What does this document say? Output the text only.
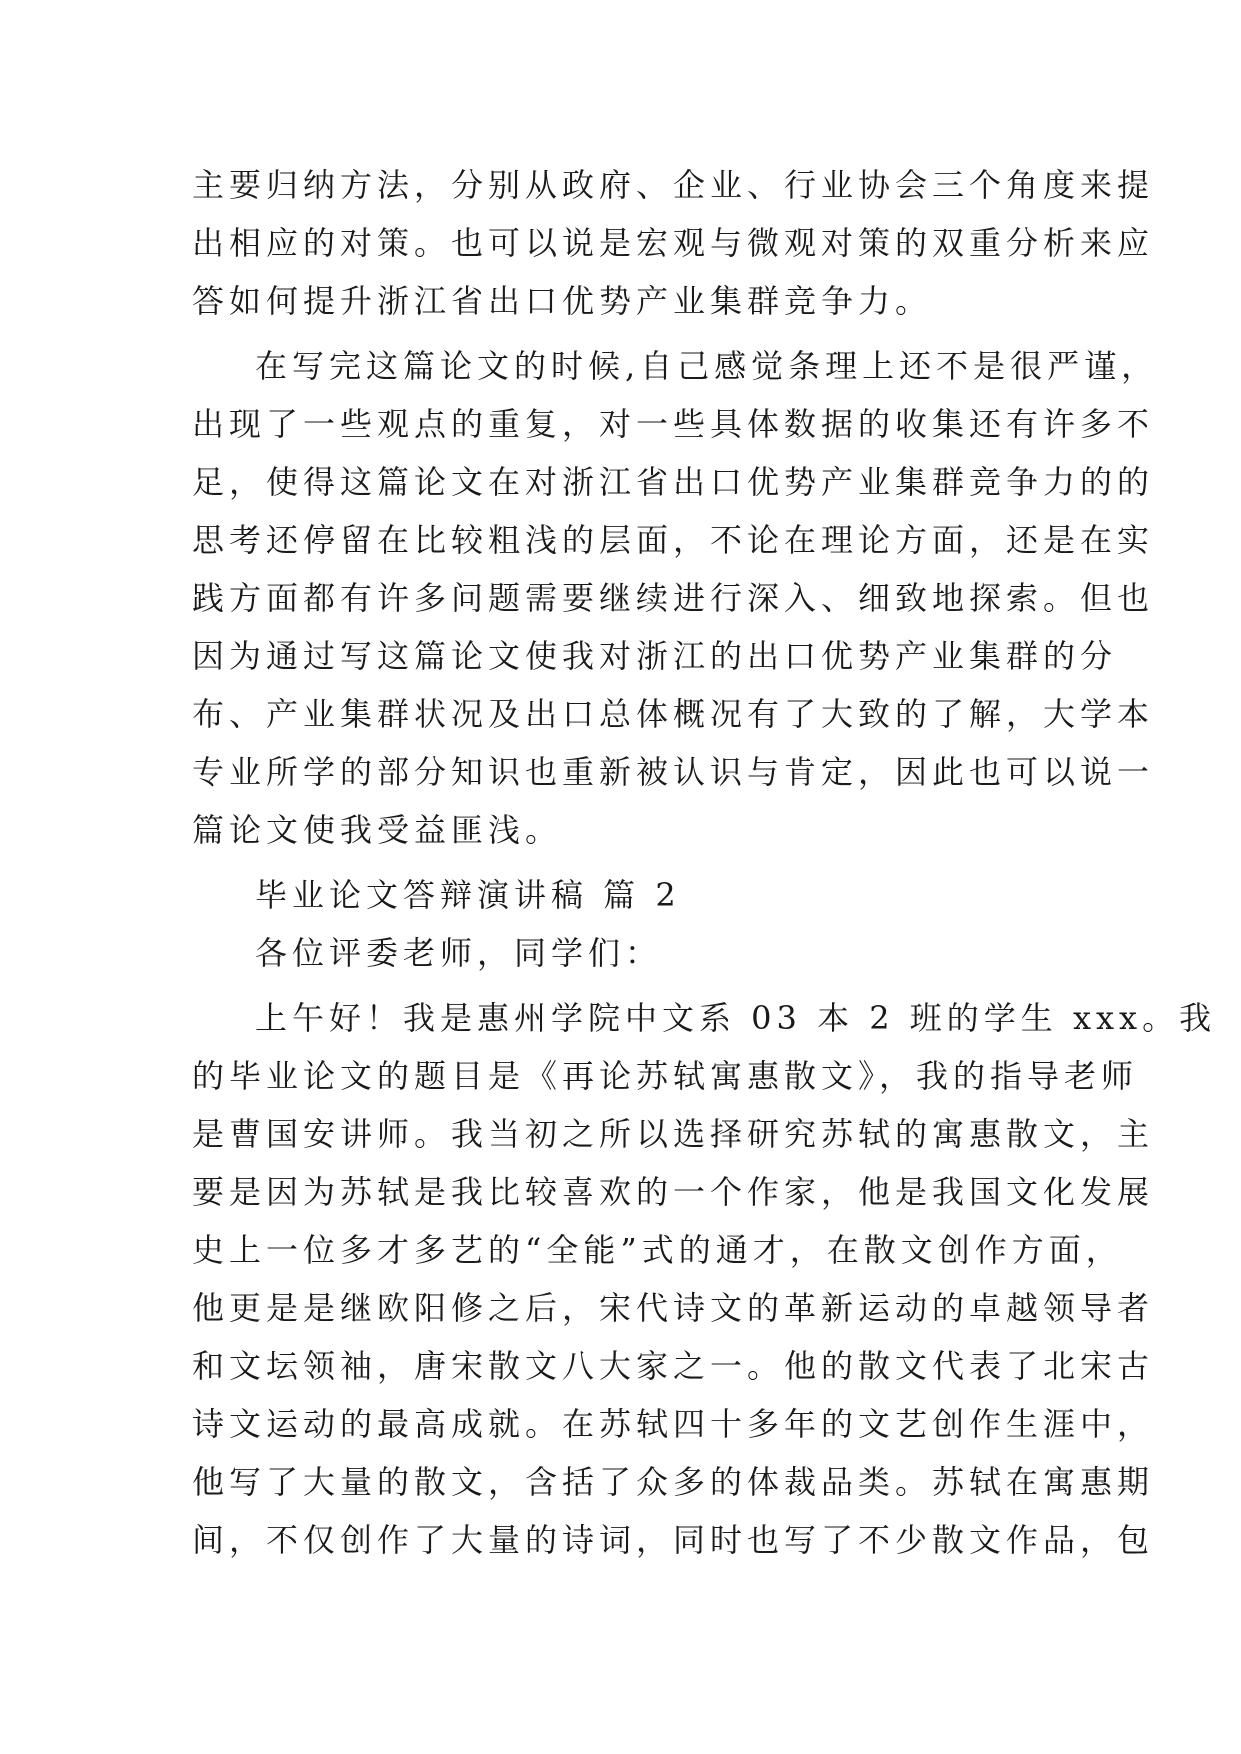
主要归纳方法，分别从政府、企业、行业协会三个角度来提
出相应的对策。也可以说是宏观与微观对策的双重分析来应
答如何提升浙江省出口优势产业集群竞争力。
在写完这篇论文的时候,自己感觉条理上还不是很严谨，
出现了一些观点的重复，对一些具体数据的收集还有许多不
足，使得这篇论文在对浙江省出口优势产业集群竞争力的的
思考还停留在比较粗浅的层面，不论在理论方面，还是在实
践方面都有许多问题需要继续进行深入、细致地探索。但也
因为通过写这篇论文使我对浙江的出口优势产业集群的分
布、产业集群状况及出口总体概况有了大致的了解，大学本
专业所学的部分知识也重新被认识与肯定，因此也可以说一
篇论文使我受益匪浅。
毕业论文答辩演讲稿 篇 2
各位评委老师，同学们：
上午好！我是惠州学院中文系 03 本 2 班的学生 xxx。我
的毕业论文的题目是《再论苏轼寓惠散文》，我的指导老师
是曹国安讲师。我当初之所以选择研究苏轼的寓惠散文，主
要是因为苏轼是我比较喜欢的一个作家，他是我国文化发展
史上一位多才多艺的“全能”式的通才，在散文创作方面，
他更是是继欧阳修之后，宋代诗文的革新运动的卓越领导者
和文坛领袖，唐宋散文八大家之一。他的散文代表了北宋古
诗文运动的最高成就。在苏轼四十多年的文艺创作生涯中，
他写了大量的散文，含括了众多的体裁品类。苏轼在寓惠期
间，不仅创作了大量的诗词，同时也写了不少散文作品，包
